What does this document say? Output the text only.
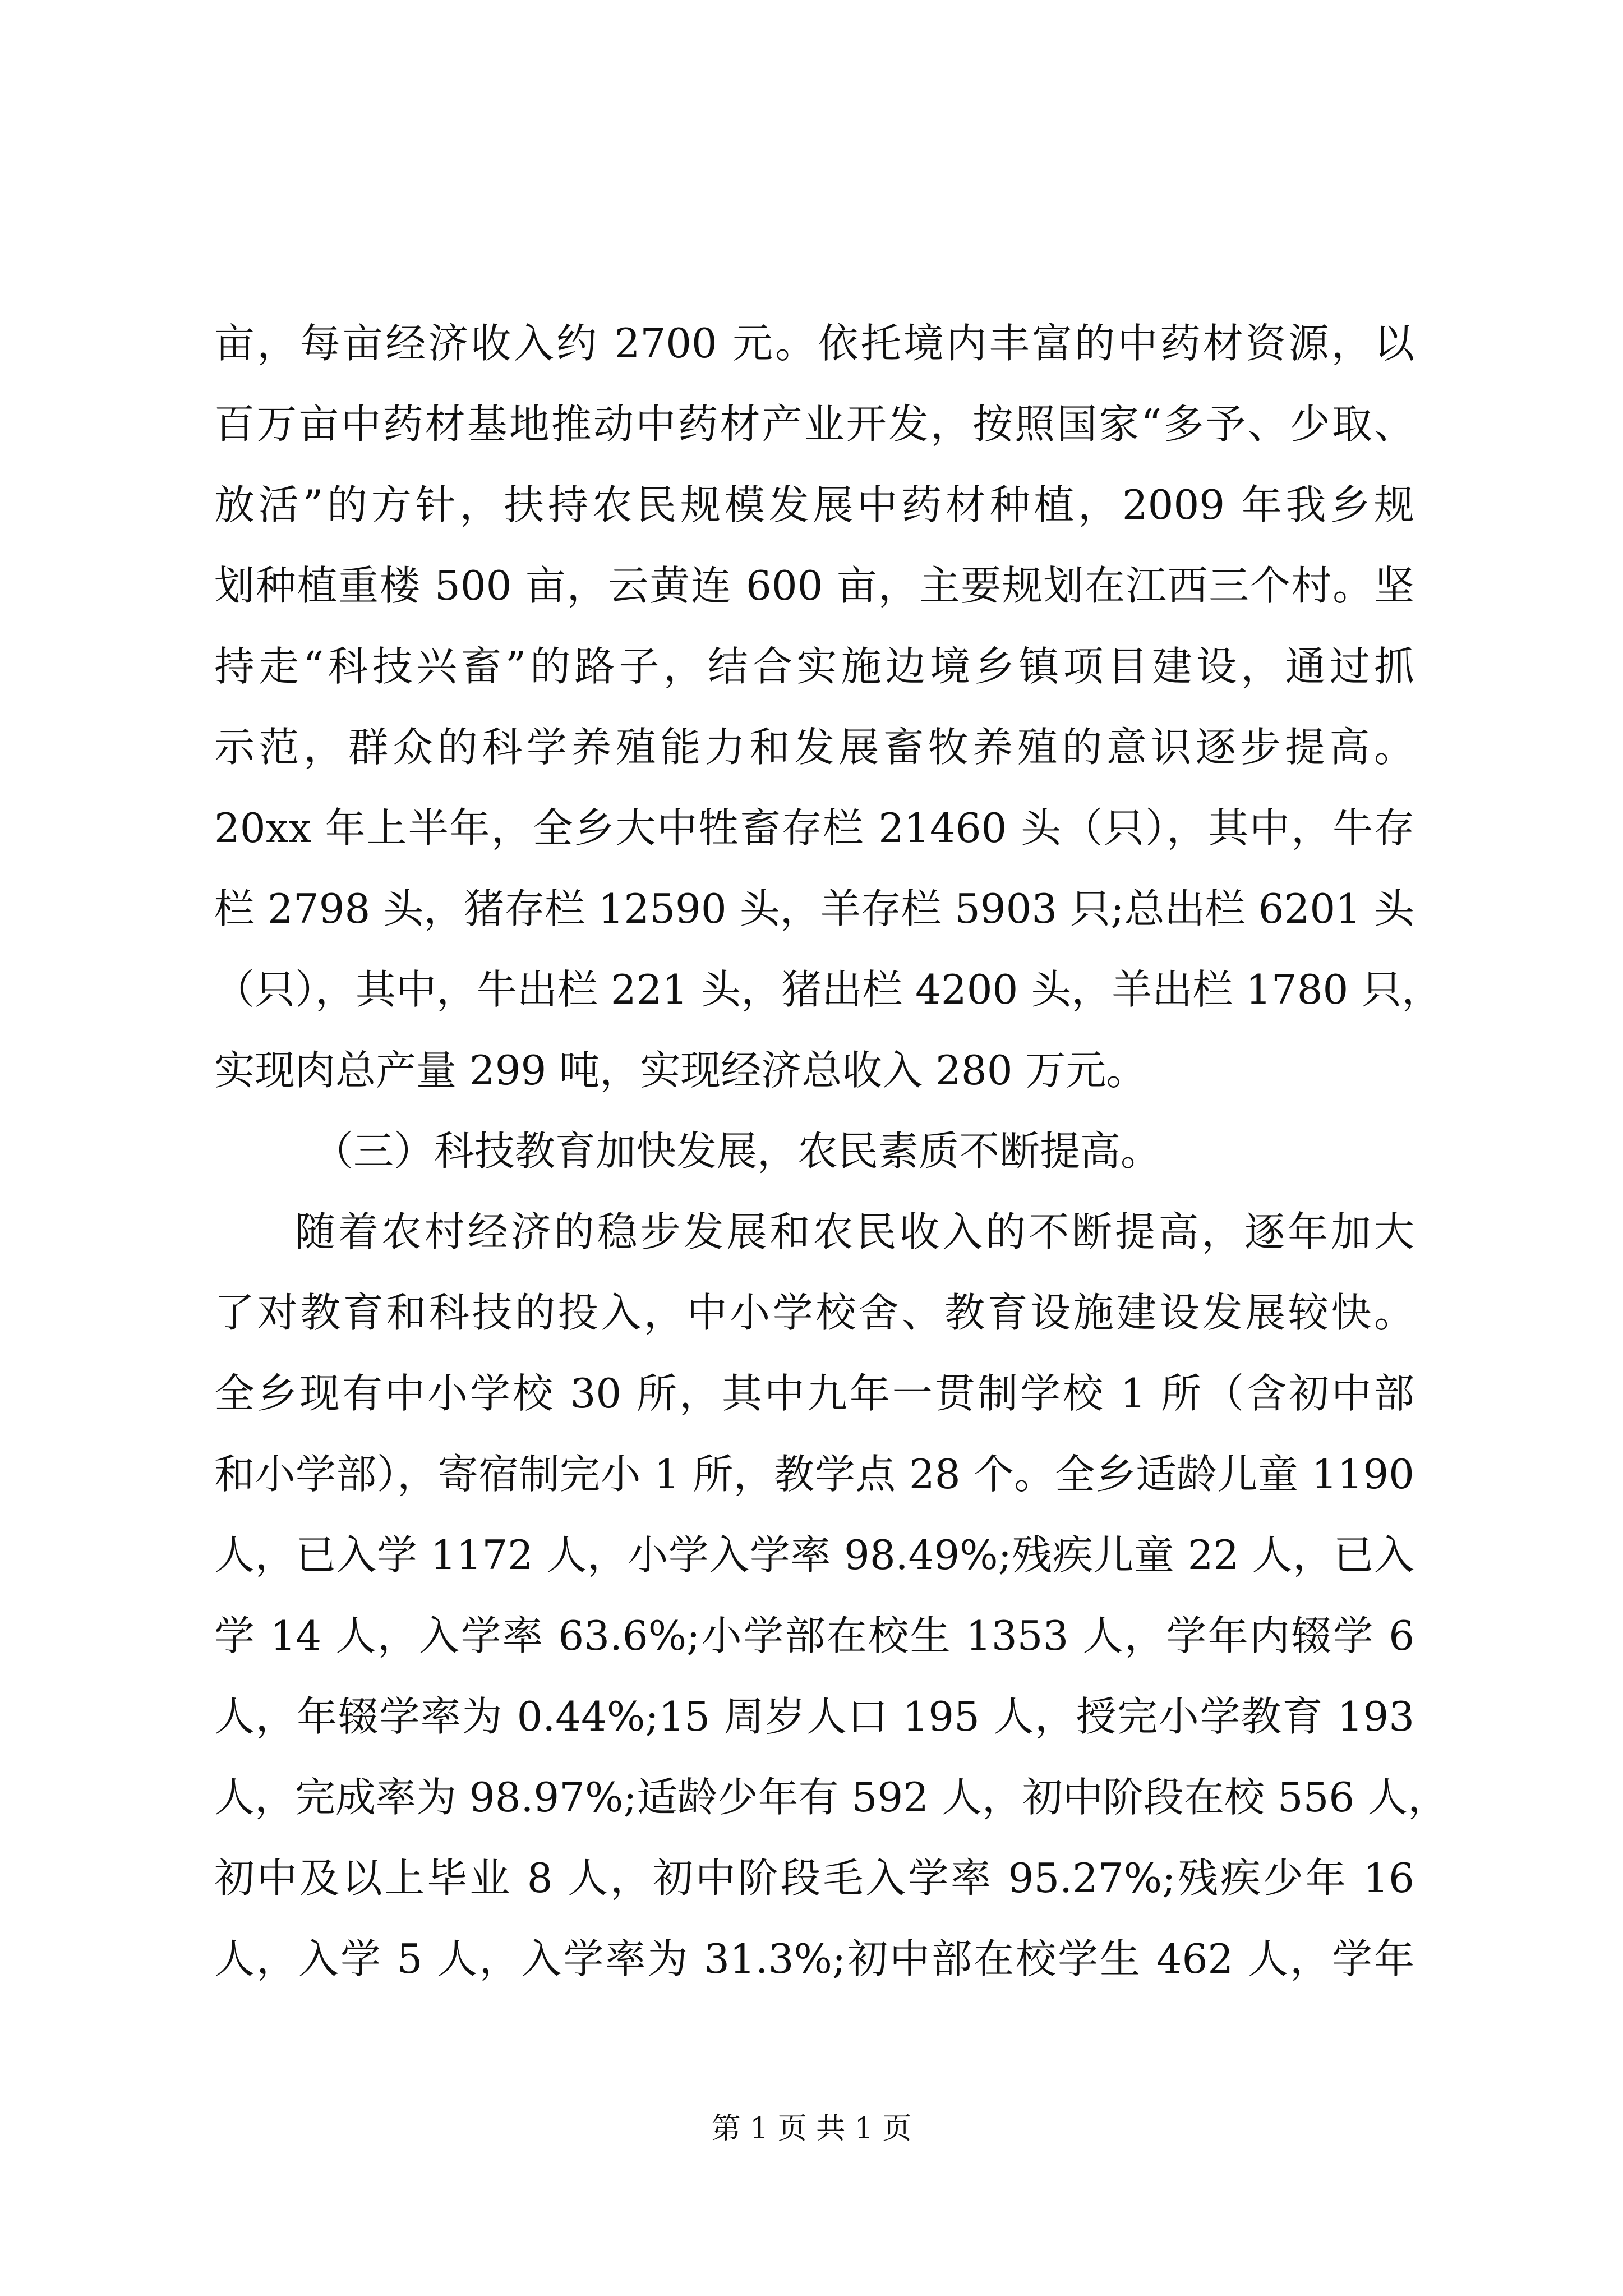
亩，每亩经济收入约 2700 元。依托境内丰富的中药材资源，以
百万亩中药材基地推动中药材产业开发，按照国家“多予、少取、
放活”的方针，扶持农民规模发展中药材种植，2009 年我乡规
划种植重楼 500 亩，云黄连 600 亩，主要规划在江西三个村。坚
持走“科技兴畜”的路子，结合实施边境乡镇项目建设，通过抓
示范，群众的科学养殖能力和发展畜牧养殖的意识逐步提高。
20xx 年上半年，全乡大中牲畜存栏 21460 头（只），其中，牛存
栏 2798 头，猪存栏 12590 头，羊存栏 5903 只;总出栏 6201 头
（只），其中，牛出栏 221 头，猪出栏 4200 头，羊出栏 1780 只，
实现肉总产量 299 吨，实现经济总收入 280 万元。
（三）科技教育加快发展，农民素质不断提高。
随着农村经济的稳步发展和农民收入的不断提高，逐年加大
了对教育和科技的投入，中小学校舍、教育设施建设发展较快。
全乡现有中小学校 30 所，其中九年一贯制学校 1 所（含初中部
和小学部），寄宿制完小 1 所，教学点 28 个。全乡适龄儿童 1190
人，已入学 1172 人，小学入学率 98.49%;残疾儿童 22 人，已入
学 14 人，入学率 63.6%;小学部在校生 1353 人，学年内辍学 6
人，年辍学率为 0.44%;15 周岁人口 195 人，授完小学教育 193
人，完成率为 98.97%;适龄少年有 592 人，初中阶段在校 556 人，
初中及以上毕业 8 人，初中阶段毛入学率 95.27%;残疾少年 16
人，入学 5 人，入学率为 31.3%;初中部在校学生 462 人，学年
第 1 页 共 1 页
